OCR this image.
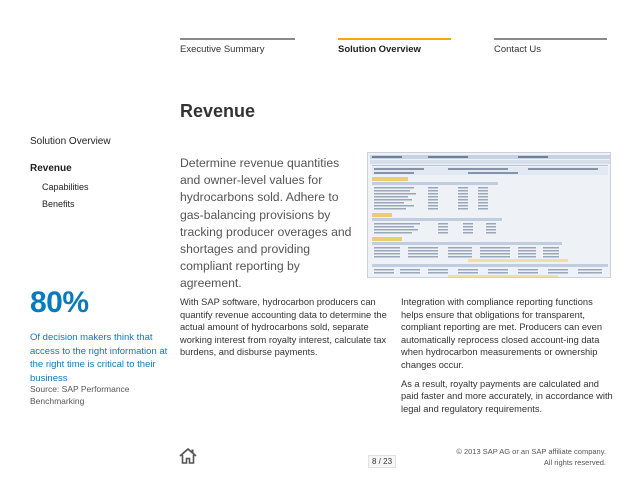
Executive Summary	Solution Overview	Contact Us
Solution Overview
Revenue
Capabilities
Benefits
80%
Of decision makers think that access to the right information at the right time is critical to their business
Source: SAP Performance Benchmarking
Revenue
Determine revenue quantities and owner-level values for hydrocarbons sold. Adhere to gas-balancing provisions by tracking producer overages and shortages and providing compliant reporting by agreement.
With SAP software, hydrocarbon producers can quantify revenue accounting data to determine the actual amount of hydrocarbons sold, separate working interest from royalty interest, calculate tax burdens, and disburse payments.

Integration with compliance reporting functions helps ensure that obligations for transparent, compliant reporting are met. Producers can even automatically reprocess closed account-ing data when hydrocarbon measurements or ownership changes occur.

As a result, royalty payments are calculated and paid faster and more accurately, in accordance with legal and regulatory requirements.

8 / 23
© 2013 SAP AG or an SAP affiliate company.
All rights reserved.
